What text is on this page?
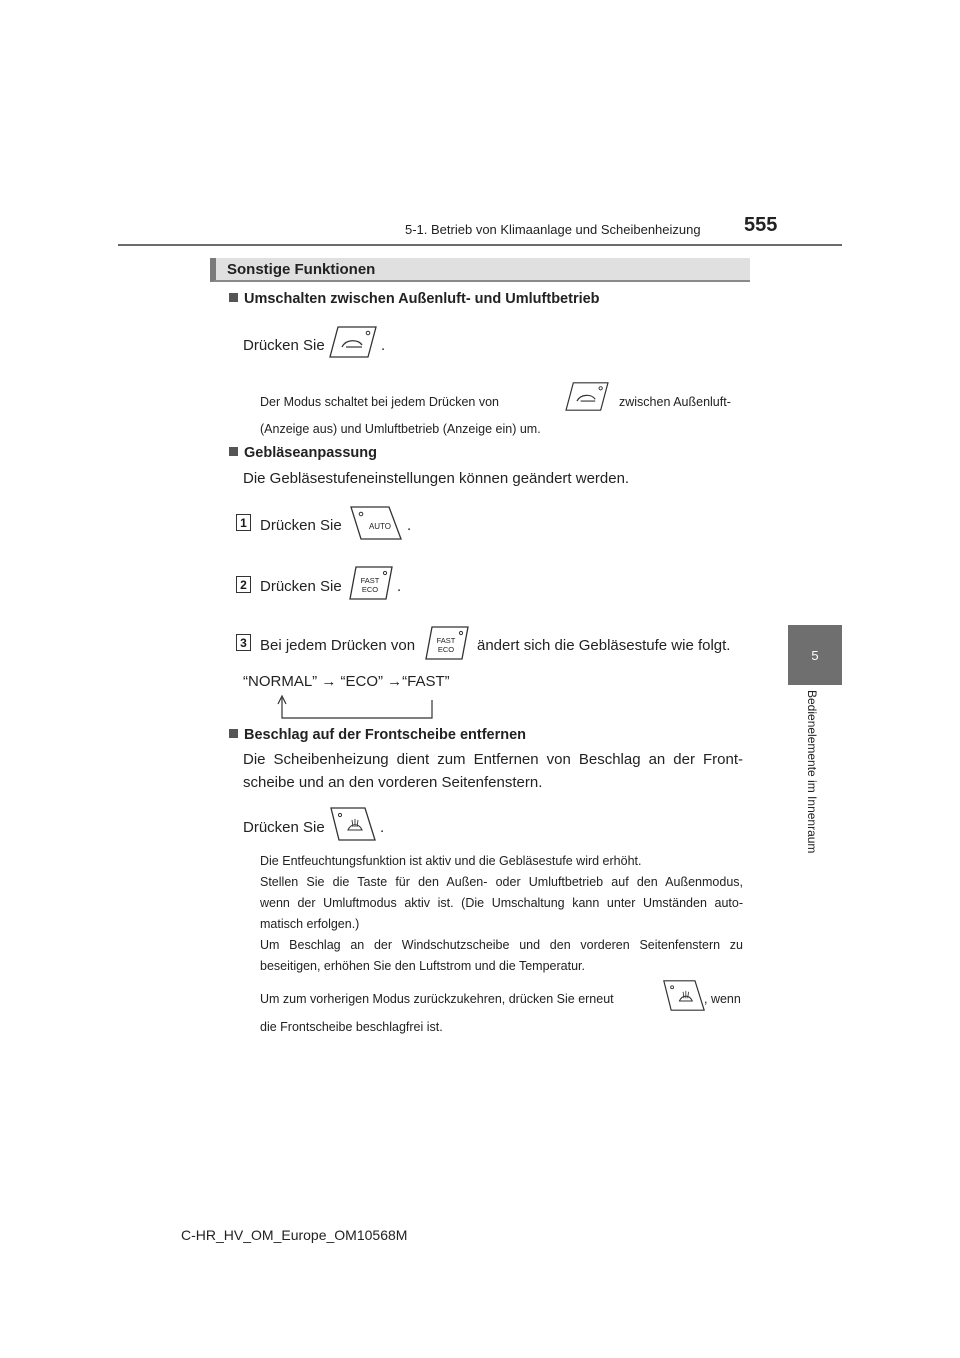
5-1. Betrieb von Klimaanlage und Scheibenheizung 555
5
Bedienelemente im Innenraum
Sonstige Funktionen
Umschalten zwischen Außenluft- und Umluftbetrieb
Drücken Sie	.
Der Modus schaltet bei jedem Drücken von	zwischen Außenluft-
(Anzeige aus) und Umluftbetrieb (Anzeige ein) um.
Gebläseanpassung
Die Gebläsestufeneinstellungen können geändert werden.
1 Drücken Sie	AUTO .
2 Drücken Sie	FAST
ECO .
3 Bei jedem Drücken von	FAST
ECO ändert sich die Gebläsestufe wie folgt.
“NORMAL” → “ECO” →“FAST”
Beschlag auf der Frontscheibe entfernen
Die Scheibenheizung dient zum Entfernen von Beschlag an der Front-
scheibe und an den vorderen Seitenfenstern.
Drücken Sie	.
Die Entfeuchtungsfunktion ist aktiv und die Gebläsestufe wird erhöht.
Stellen Sie die Taste für den Außen- oder Umluftbetrieb auf den Außenmodus,
wenn der Umluftmodus aktiv ist. (Die Umschaltung kann unter Umständen auto-
matisch erfolgen.)
Um Beschlag an der Windschutzscheibe und den vorderen Seitenfenstern zu
beseitigen, erhöhen Sie den Luftstrom und die Temperatur.
Um zum vorherigen Modus zurückzukehren, drücken Sie erneut	, wenn
die Frontscheibe beschlagfrei ist.
C-HR_HV_OM_Europe_OM10568M
